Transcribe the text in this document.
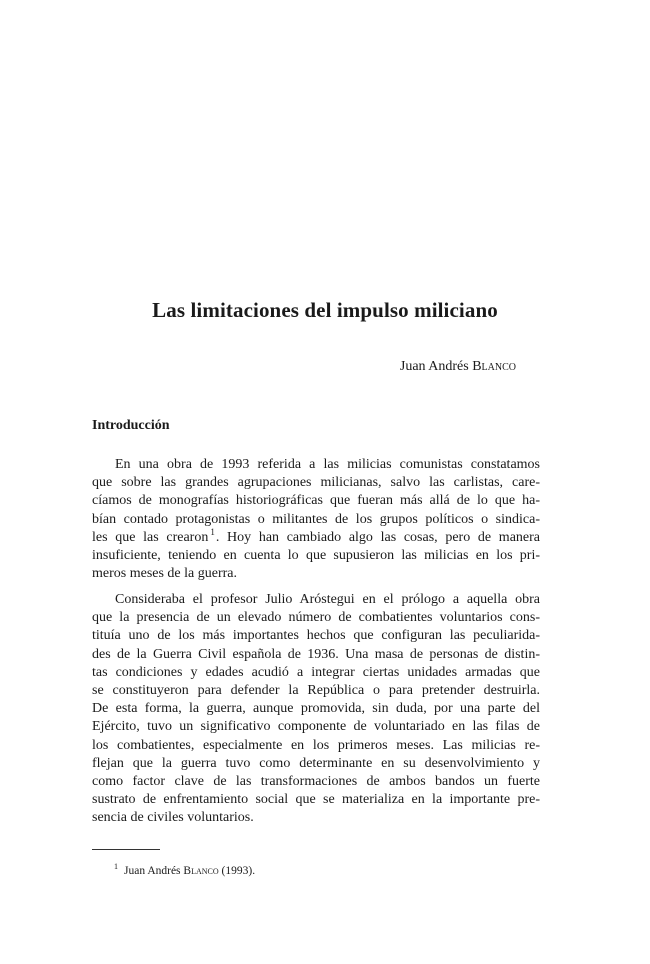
Las limitaciones del impulso miliciano

Juan Andrés Blanco

Introducción
En una obra de 1993 referida a las milicias comunistas constatamos
que sobre las grandes agrupaciones milicianas, salvo las carlistas, care-
cíamos de monografías historiográficas que fueran más allá de lo que ha-
bían contado protagonistas o militantes de los grupos políticos o sindica-
les que las crearon $^1$. Hoy han cambiado algo las cosas, pero de manera
insuficiente, teniendo en cuenta lo que supusieron las milicias en los pri-
meros meses de la guerra.
Consideraba el profesor Julio Aróstegui en el prólogo a aquella obra
que la presencia de un elevado número de combatientes voluntarios cons-
tituía uno de los más importantes hechos que configuran las peculiarida-
des de la Guerra Civil española de 1936. Una masa de personas de distin-
tas condiciones y edades acudió a integrar ciertas unidades armadas que
se constituyeron para defender la República o para pretender destruirla.
De esta forma, la guerra, aunque promovida, sin duda, por una parte del
Ejército, tuvo un significativo componente de voluntariado en las filas de
los combatientes, especialmente en los primeros meses. Las milicias re-
flejan que la guerra tuvo como determinante en su desenvolvimiento y
como factor clave de las transformaciones de ambos bandos un fuerte
sustrato de enfrentamiento social que se materializa en la importante pre-
sencia de civiles voluntarios.

$^1$ Juan Andrés Blanco (1993).
